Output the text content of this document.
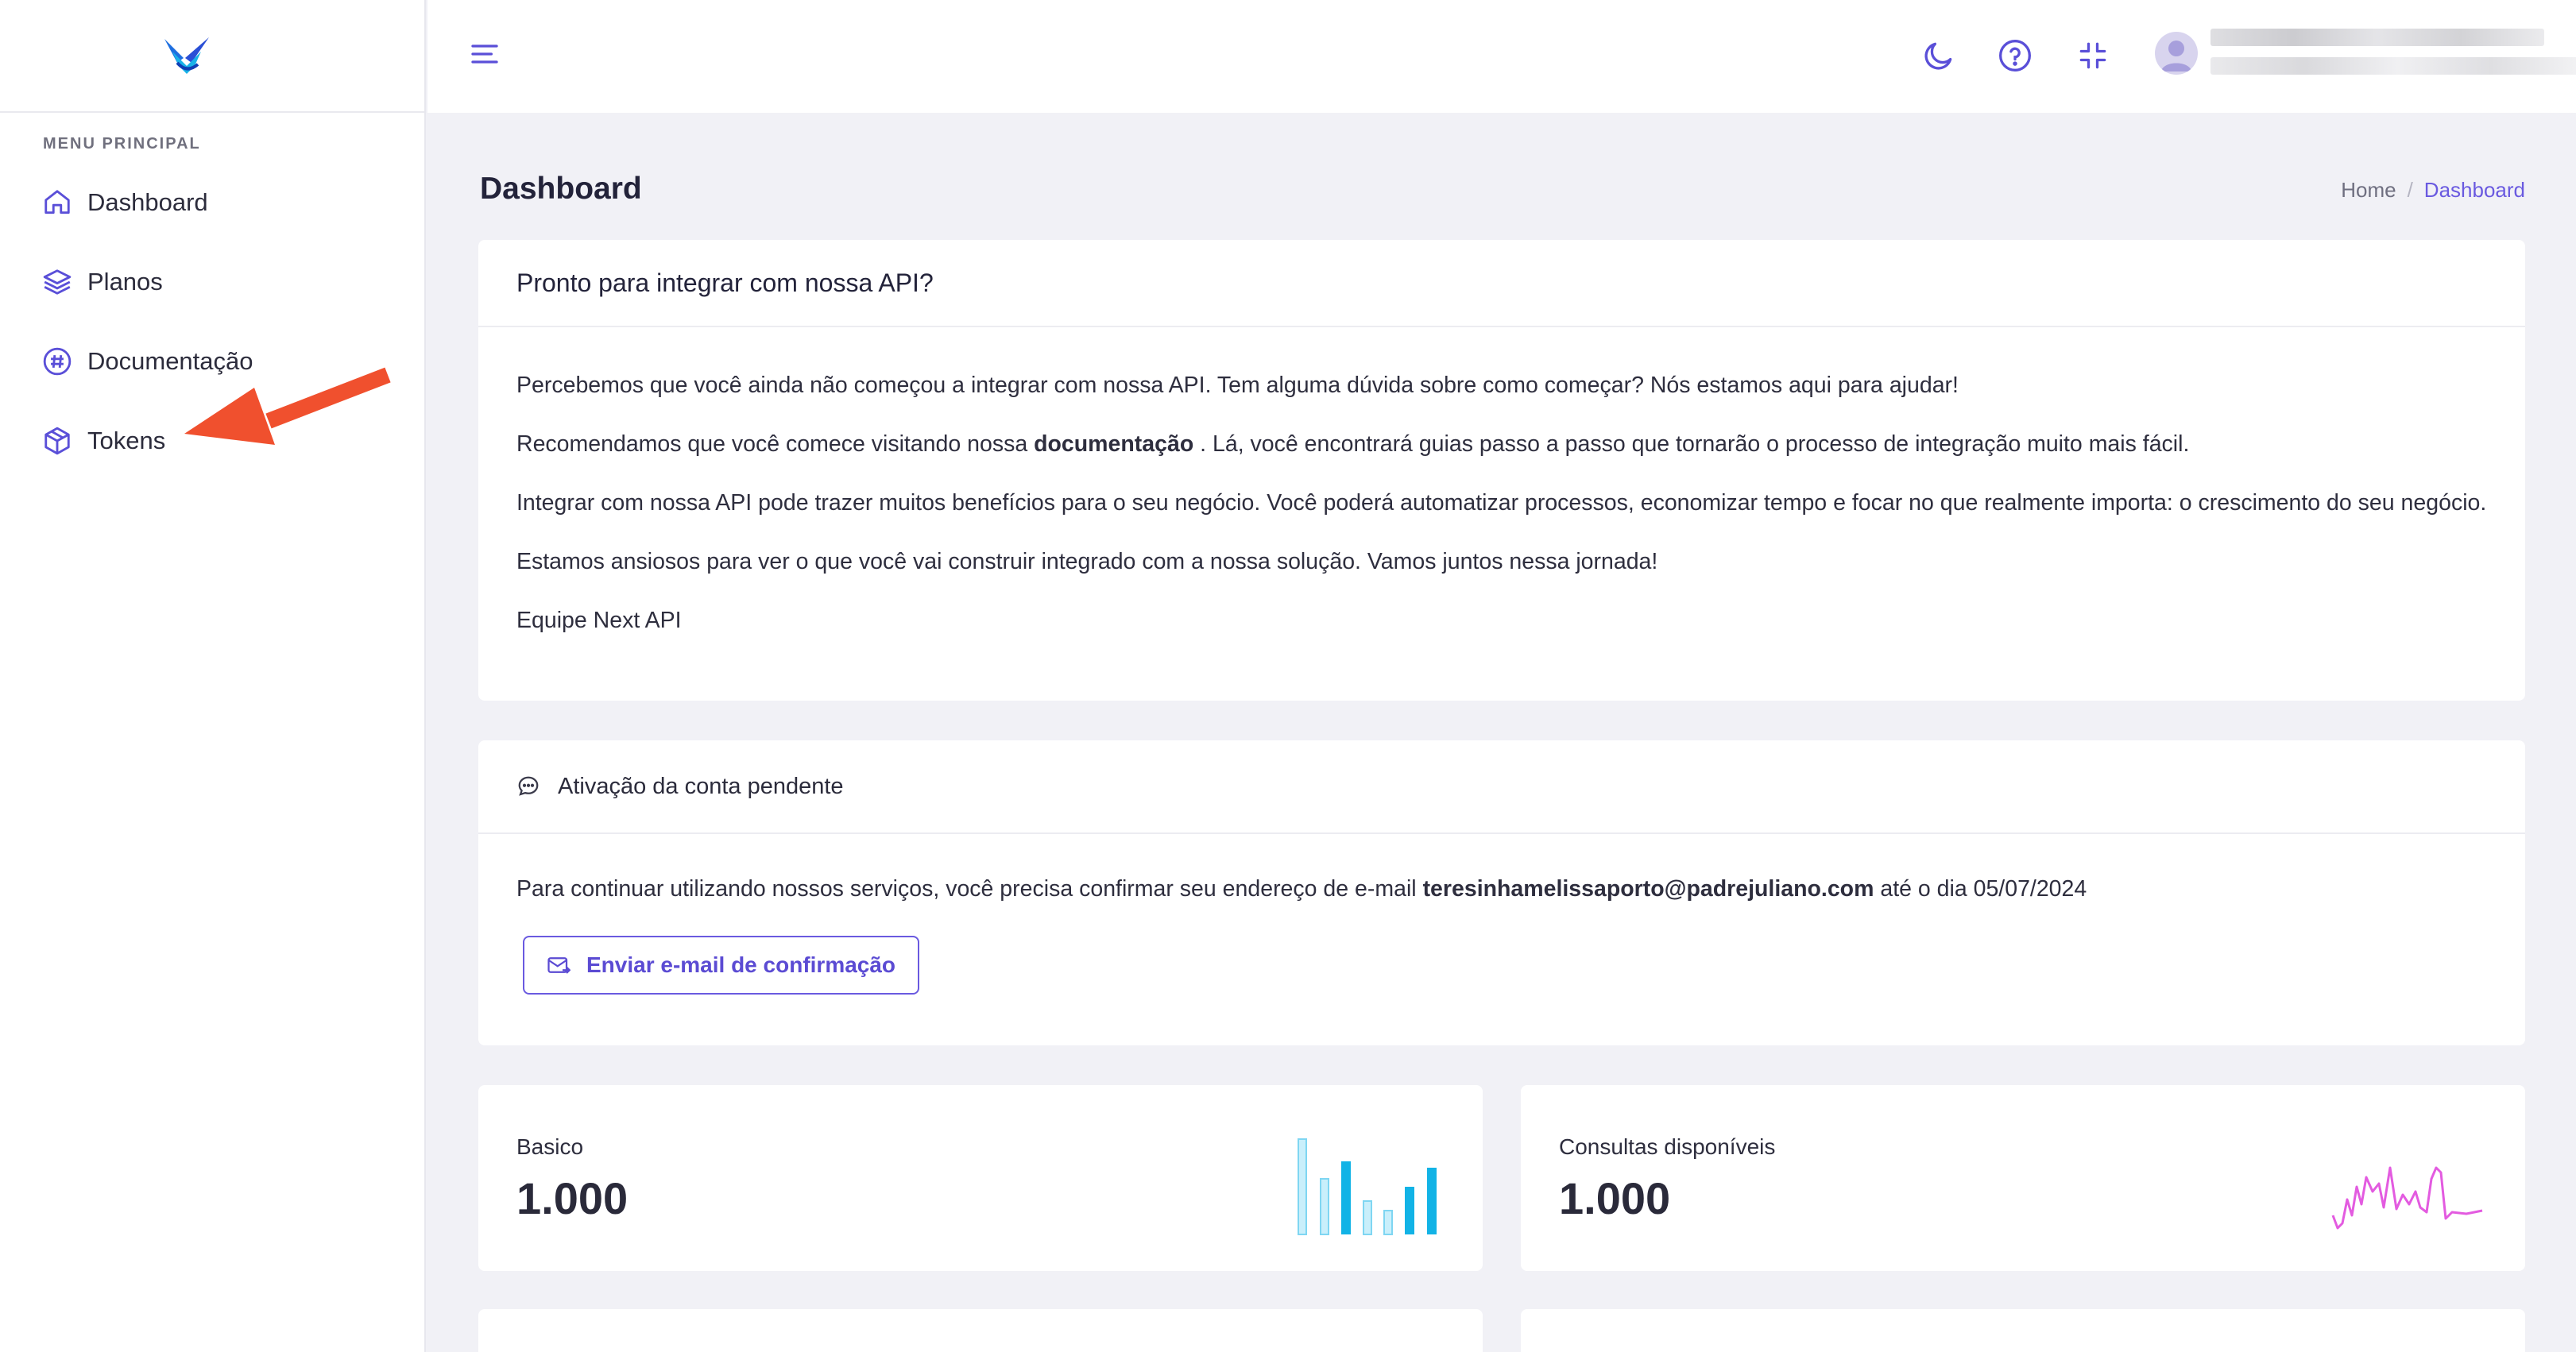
MENU PRINCIPAL
Dashboard
Planos
Documentação
Tokens
Dashboard	Home / Dashboard
Pronto para integrar com nossa API?

Percebemos que você ainda não começou a integrar com nossa API. Tem alguma dúvida sobre como começar? Nós estamos aqui para ajudar!

Recomendamos que você comece visitando nossa documentação . Lá, você encontrará guias passo a passo que tornarão o processo de integração muito mais fácil.

Integrar com nossa API pode trazer muitos benefícios para o seu negócio. Você poderá automatizar processos, economizar tempo e focar no que realmente importa: o crescimento do seu negócio.

Estamos ansiosos para ver o que você vai construir integrado com a nossa solução. Vamos juntos nessa jornada!

Equipe Next API

Ativação da conta pendente

Para continuar utilizando nossos serviços, você precisa confirmar seu endereço de e-mail teresinhamelissaporto@padrejuliano.com até o dia 05/07/2024

Enviar e-mail de confirmação
Basico
1.000
Consultas disponíveis
1.000
